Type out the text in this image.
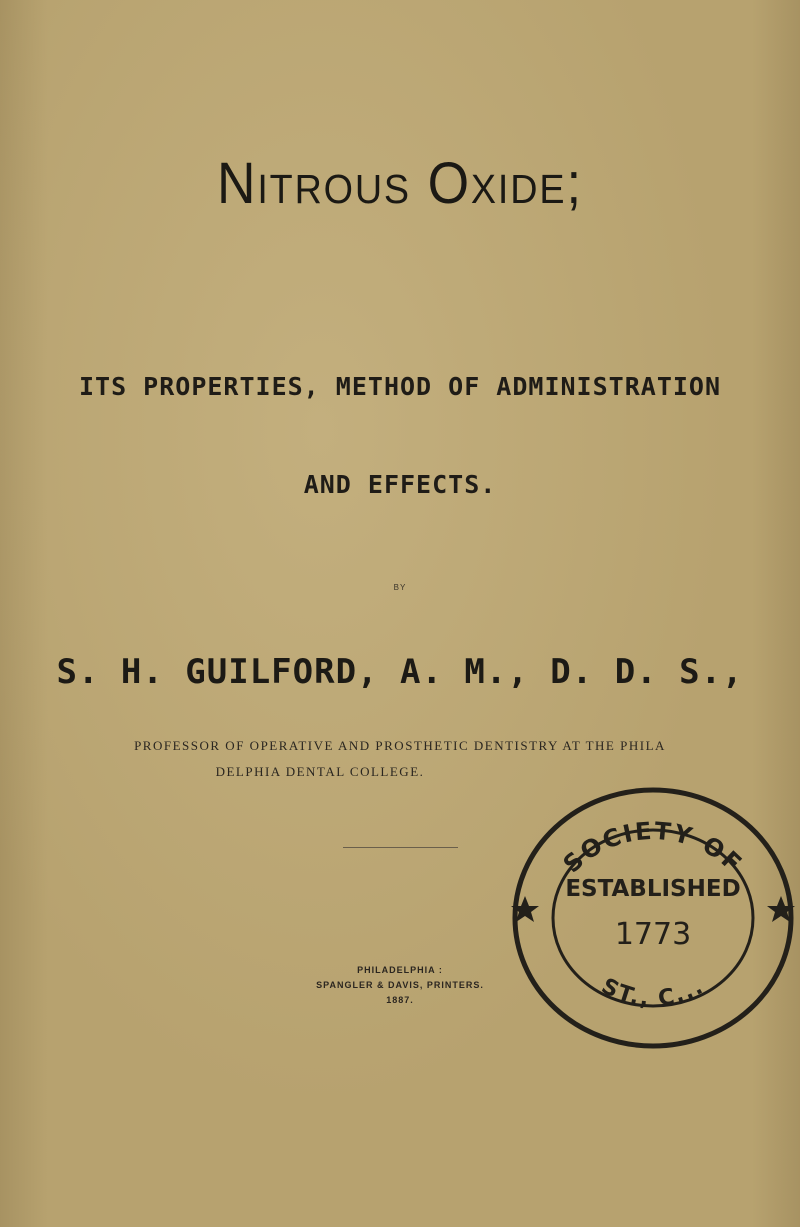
Nitrous Oxide;
ITS PROPERTIES, METHOD OF ADMINISTRATION
AND EFFECTS.
BY
S. H. GUILFORD, A. M., D. D. S.,
PROFESSOR OF OPERATIVE AND PROSTHETIC DENTISTRY AT THE PHILA
DELPHIA DENTAL COLLEGE.
PHILADELPHIA :
SPANGLER & DAVIS, PRINTERS.
1887.
SOCIETY OF
ST., C...
ESTABLISHED
1773
